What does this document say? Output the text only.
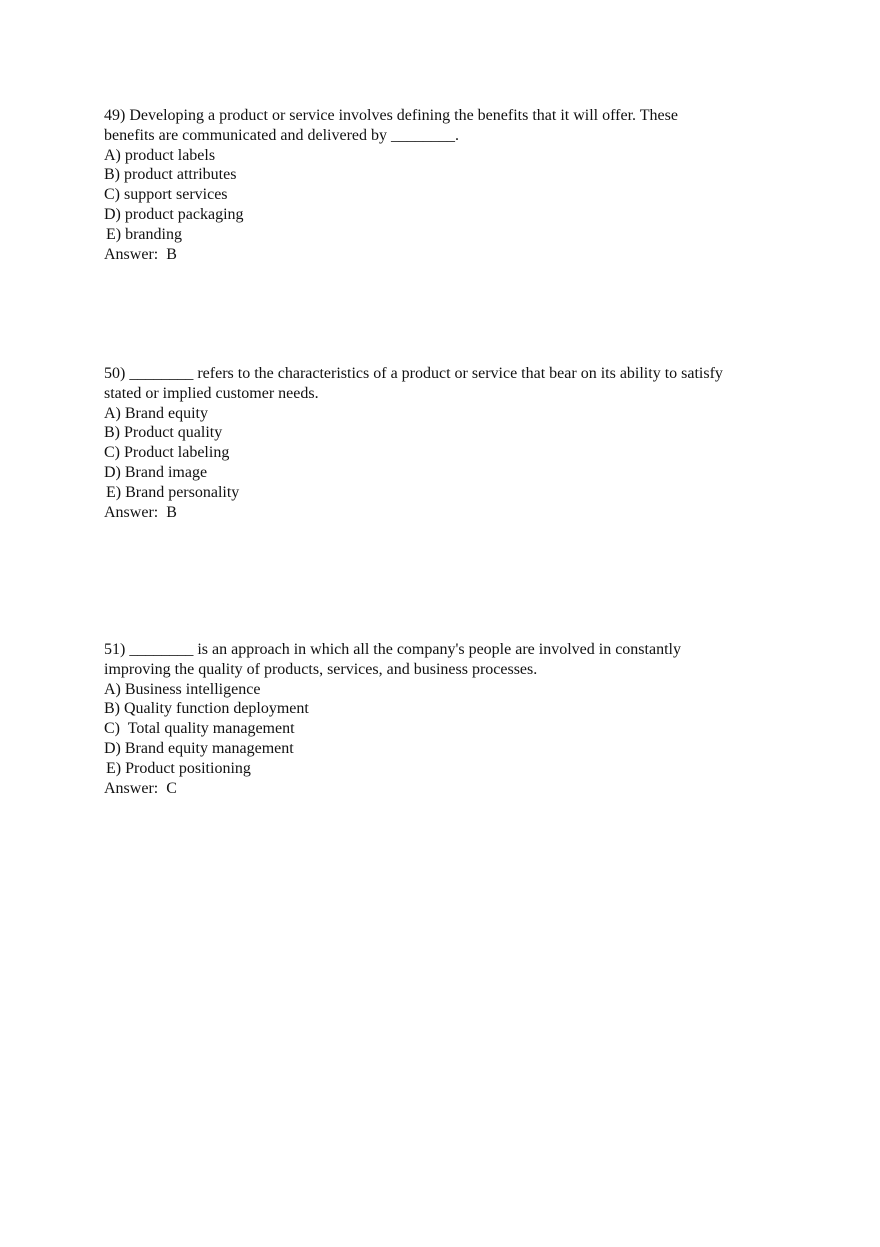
49) Developing a product or service involves defining the benefits that it will offer. These
benefits are communicated and delivered by ________.
A) product labels
B) product attributes
C) support services
D) product packaging
E) branding
Answer:  B
50) ________ refers to the characteristics of a product or service that bear on its ability to satisfy
stated or implied customer needs.
A) Brand equity
B) Product quality
C) Product labeling
D) Brand image
E) Brand personality
Answer:  B
51) ________ is an approach in which all the company's people are involved in constantly
improving the quality of products, services, and business processes.
A) Business intelligence
B) Quality function deployment
C)  Total quality management
D) Brand equity management
E) Product positioning
Answer:  C
